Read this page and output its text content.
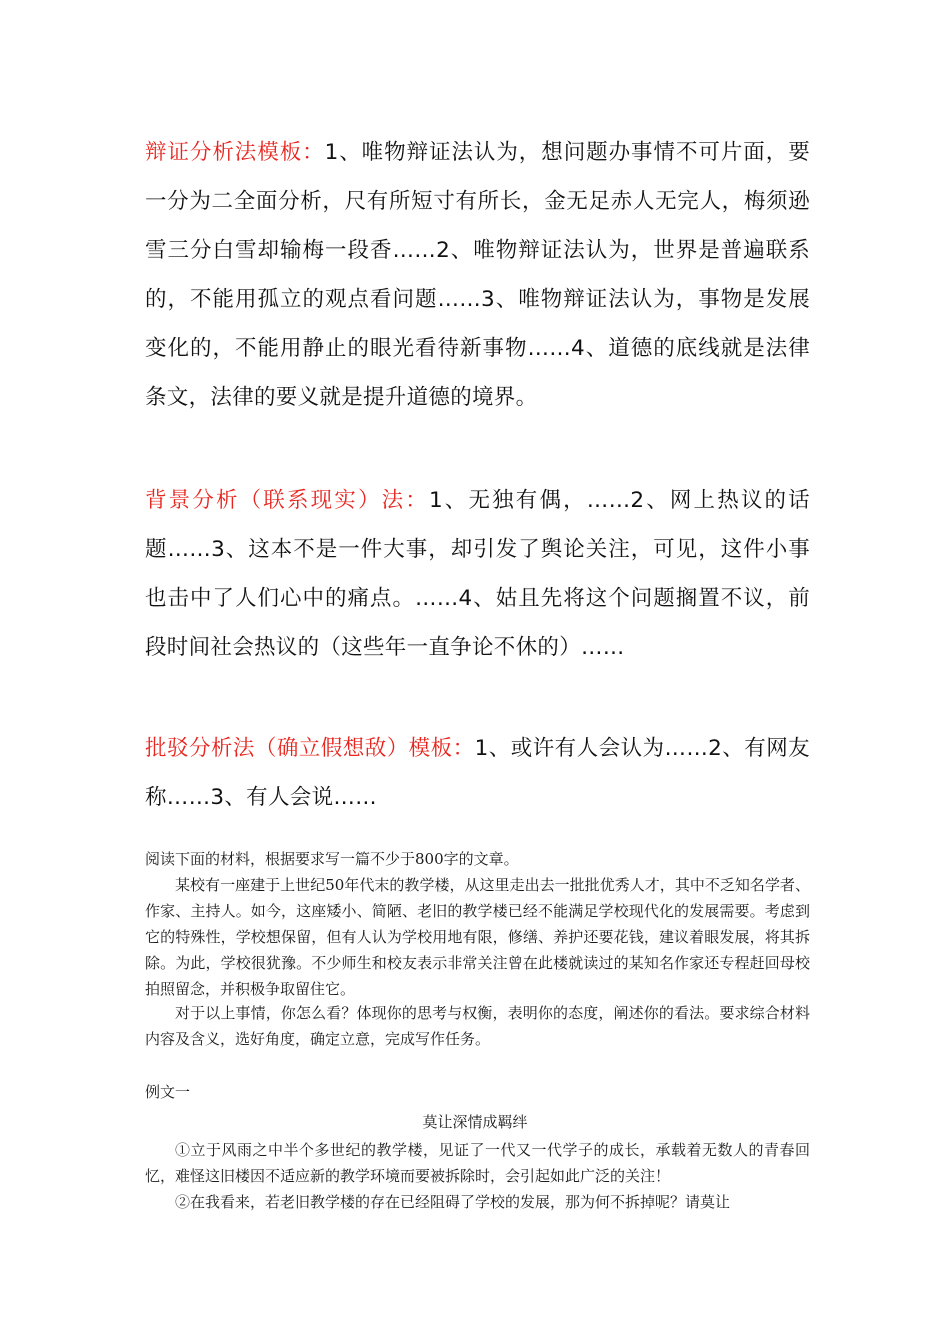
辩证分析法模板：1、唯物辩证法认为，想问题办事情不可片面，要一分为二全面分析，尺有所短寸有所长，金无足赤人无完人，梅须逊雪三分白雪却输梅一段香……2、唯物辩证法认为，世界是普遍联系的，不能用孤立的观点看问题……3、唯物辩证法认为，事物是发展变化的，不能用静止的眼光看待新事物……4、道德的底线就是法律条文，法律的要义就是提升道德的境界。
背景分析（联系现实）法：1、无独有偶，……2、网上热议的话题……3、这本不是一件大事，却引发了舆论关注，可见，这件小事也击中了人们心中的痛点。……4、姑且先将这个问题搁置不议，前段时间社会热议的（这些年一直争论不休的）……
批驳分析法（确立假想敌）模板：1、或许有人会认为……2、有网友称……3、有人会说……

阅读下面的材料，根据要求写一篇不少于800字的文章。

某校有一座建于上世纪50年代末的教学楼，从这里走出去一批批优秀人才，其中不乏知名学者、作家、主持人。如今，这座矮小、简陋、老旧的教学楼已经不能满足学校现代化的发展需要。考虑到它的特殊性，学校想保留，但有人认为学校用地有限，修缮、养护还要花钱，建议着眼发展，将其拆除。为此，学校很犹豫。不少师生和校友表示非常关注曾在此楼就读过的某知名作家还专程赶回母校拍照留念，并积极争取留住它。

对于以上事情，你怎么看？体现你的思考与权衡，表明你的态度，阐述你的看法。要求综合材料内容及含义，选好角度，确定立意，完成写作任务。

例文一
莫让深情成羁绊

①立于风雨之中半个多世纪的教学楼，见证了一代又一代学子的成长，承载着无数人的青春回忆，难怪这旧楼因不适应新的教学环境而要被拆除时，会引起如此广泛的关注！

②在我看来，若老旧教学楼的存在已经阻碍了学校的发展，那为何不拆掉呢？请莫让
